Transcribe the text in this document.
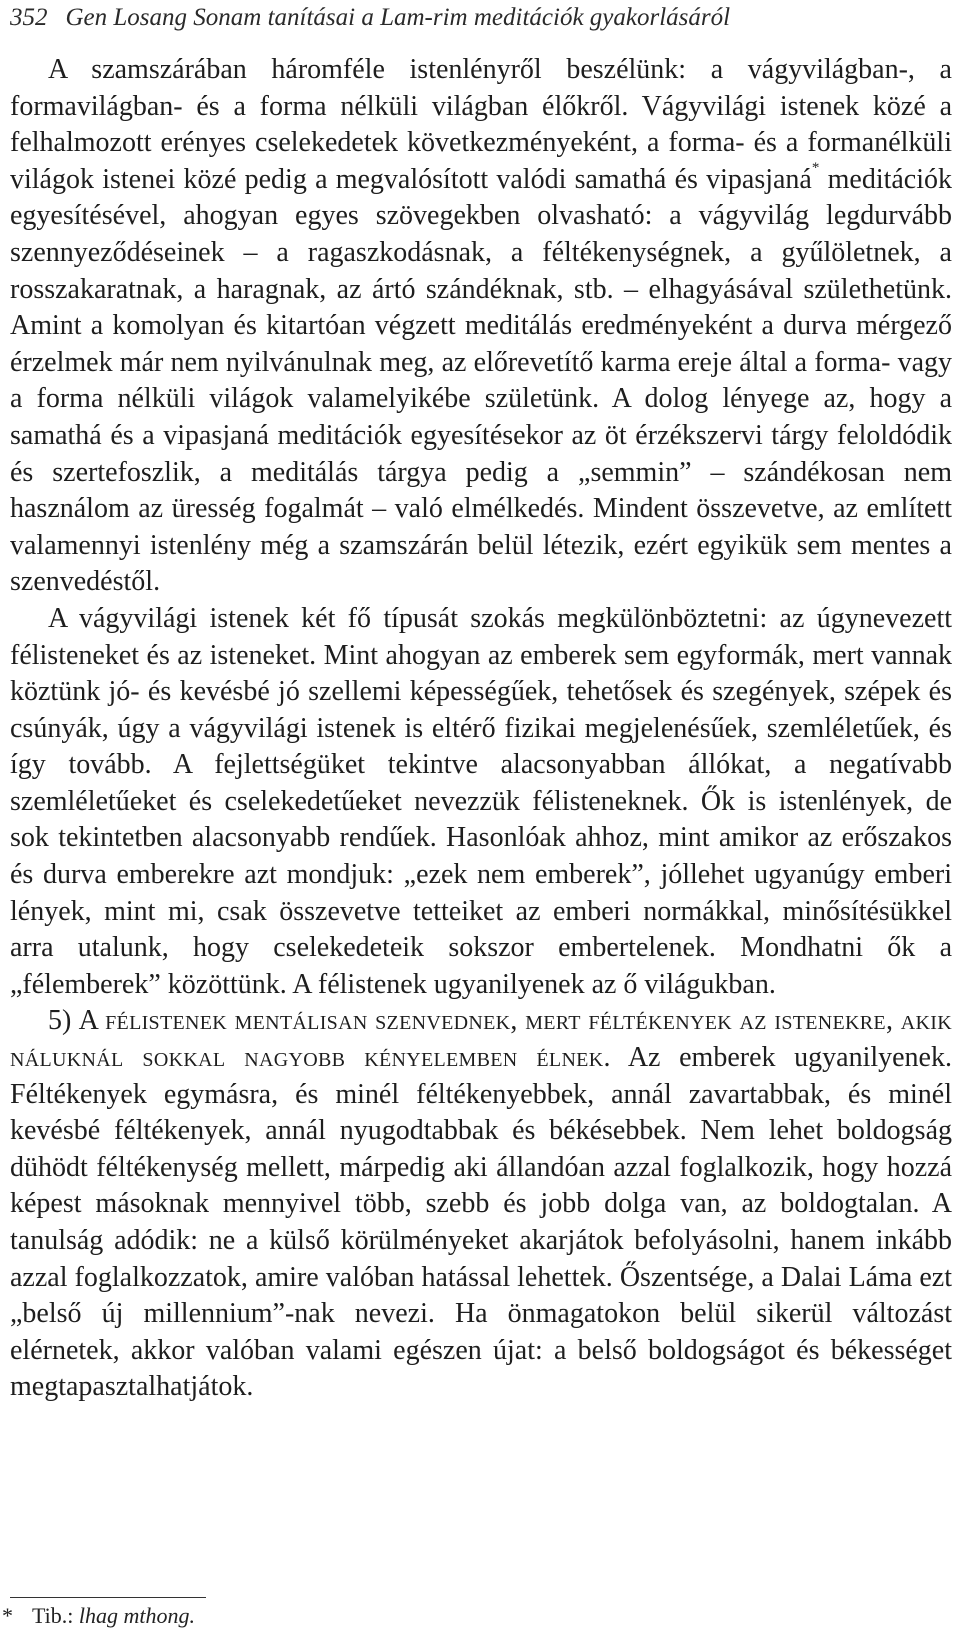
352 Gen Losang Sonam tanításai a Lam-rim meditációk gyakorlásáról

A szamszárában háromféle istenlényről beszélünk: a vágyvilágban-, a formavilágban- és a forma nélküli világban élőkről. Vágyvilági istenek közé a felhalmozott erényes cselekedetek következményeként, a forma- és a formanélküli világok istenei közé pedig a megvalósított valódi samathá és vipasjaná* meditációk egyesítésével, ahogyan egyes szövegekben olvasható: a vágyvilág legdurvább szennyeződéseinek – a ragaszkodásnak, a féltékenységnek, a gyűlöletnek, a rosszakaratnak, a haragnak, az ártó szándéknak, stb. – elhagyásával születhetünk. Amint a komolyan és kitartóan végzett meditálás eredményeként a durva mérgező érzelmek már nem nyilvánulnak meg, az előrevetítő karma ereje által a forma- vagy a forma nélküli világok valamelyikébe születünk. A dolog lényege az, hogy a samathá és a vipasjaná meditációk egyesítésekor az öt érzékszervi tárgy feloldódik és szertefoszlik, a meditálás tárgya pedig a „semmin” – szándékosan nem használom az üresség fogalmát – való elmélkedés. Mindent összevetve, az említett valamennyi istenlény még a szamszárán belül létezik, ezért egyikük sem mentes a szenvedéstől.

A vágyvilági istenek két fő típusát szokás megkülönböztetni: az úgynevezett félisteneket és az isteneket. Mint ahogyan az emberek sem egyformák, mert vannak köztünk jó- és kevésbé jó szellemi képességűek, tehetősek és szegények, szépek és csúnyák, úgy a vágyvilági istenek is eltérő fizikai megjelenésűek, szemléletűek, és így tovább. A fejlettségüket tekintve alacsonyabban állókat, a negatívabb szemléletűeket és cselekedetűeket nevezzük félisteneknek. Ők is istenlények, de sok tekintetben alacsonyabb rendűek. Hasonlóak ahhoz, mint amikor az erőszakos és durva emberekre azt mondjuk: „ezek nem emberek”, jóllehet ugyanúgy emberi lények, mint mi, csak összevetve tetteiket az emberi normákkal, minősítésükkel arra utalunk, hogy cselekedeteik sokszor embertelenek. Mondhatni ők a „félemberek” közöttünk. A félistenek ugyanilyenek az ő világukban.

5) A félistenek mentálisan szenvednek, mert féltékenyek az istenekre, akik náluknál sokkal nagyobb kényelemben élnek. Az emberek ugyanilyenek. Féltékenyek egymásra, és minél féltékenyebbek, annál zavartabbak, és minél kevésbé féltékenyek, annál nyugodtabbak és békésebbek. Nem lehet boldogság dühödt féltékenység mellett, márpedig aki állandóan azzal foglalkozik, hogy hozzá képest másoknak mennyivel több, szebb és jobb dolga van, az boldogtalan. A tanulság adódik: ne a külső körülményeket akarjátok befolyásolni, hanem inkább azzal foglalkozzatok, amire valóban hatással lehettek. Őszentsége, a Dalai Láma ezt „belső új millennium”-nak nevezi. Ha önmagatokon belül sikerül változást elérnetek, akkor valóban valami egészen újat: a belső boldogságot és békességet megtapasztalhatjátok.

* Tib.: lhag mthong.
